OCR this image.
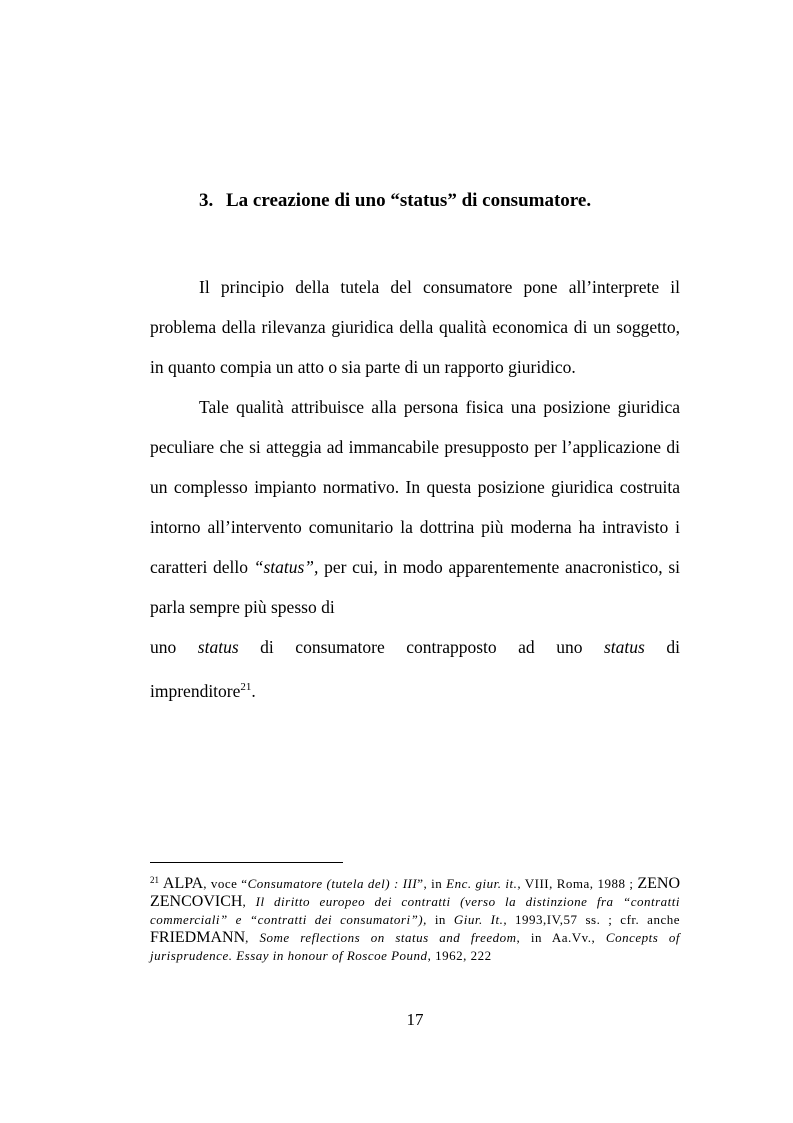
3. La creazione di uno “status” di consumatore.

Il principio della tutela del consumatore pone all’interprete il problema della rilevanza giuridica della qualità economica di un soggetto, in quanto compia un atto o sia parte di un rapporto giuridico.

Tale qualità attribuisce alla persona fisica una posizione giuridica peculiare che si atteggia ad immancabile presupposto per l’applicazione di un complesso impianto normativo. In questa posizione giuridica costruita intorno all’intervento comunitario la dottrina più moderna ha intravisto i caratteri dello “status”, per cui, in modo apparentemente anacronistico, si parla sempre più spesso di

uno status di consumatore contrapposto ad uno status di

imprenditore$^{21}$.

$^{21}$ ALPA, voce “Consumatore (tutela del) : III”, in Enc. giur. it., VIII, Roma, 1988 ; ZENO ZENCOVICH, Il diritto europeo dei contratti (verso la distinzione fra “contratti commerciali” e “contratti dei consumatori”), in Giur. It., 1993,IV,57 ss. ; cfr. anche FRIEDMANN, Some reflections on status and freedom, in Aa.Vv., Concepts of jurisprudence. Essay in honour of Roscoe Pound, 1962, 222
17
